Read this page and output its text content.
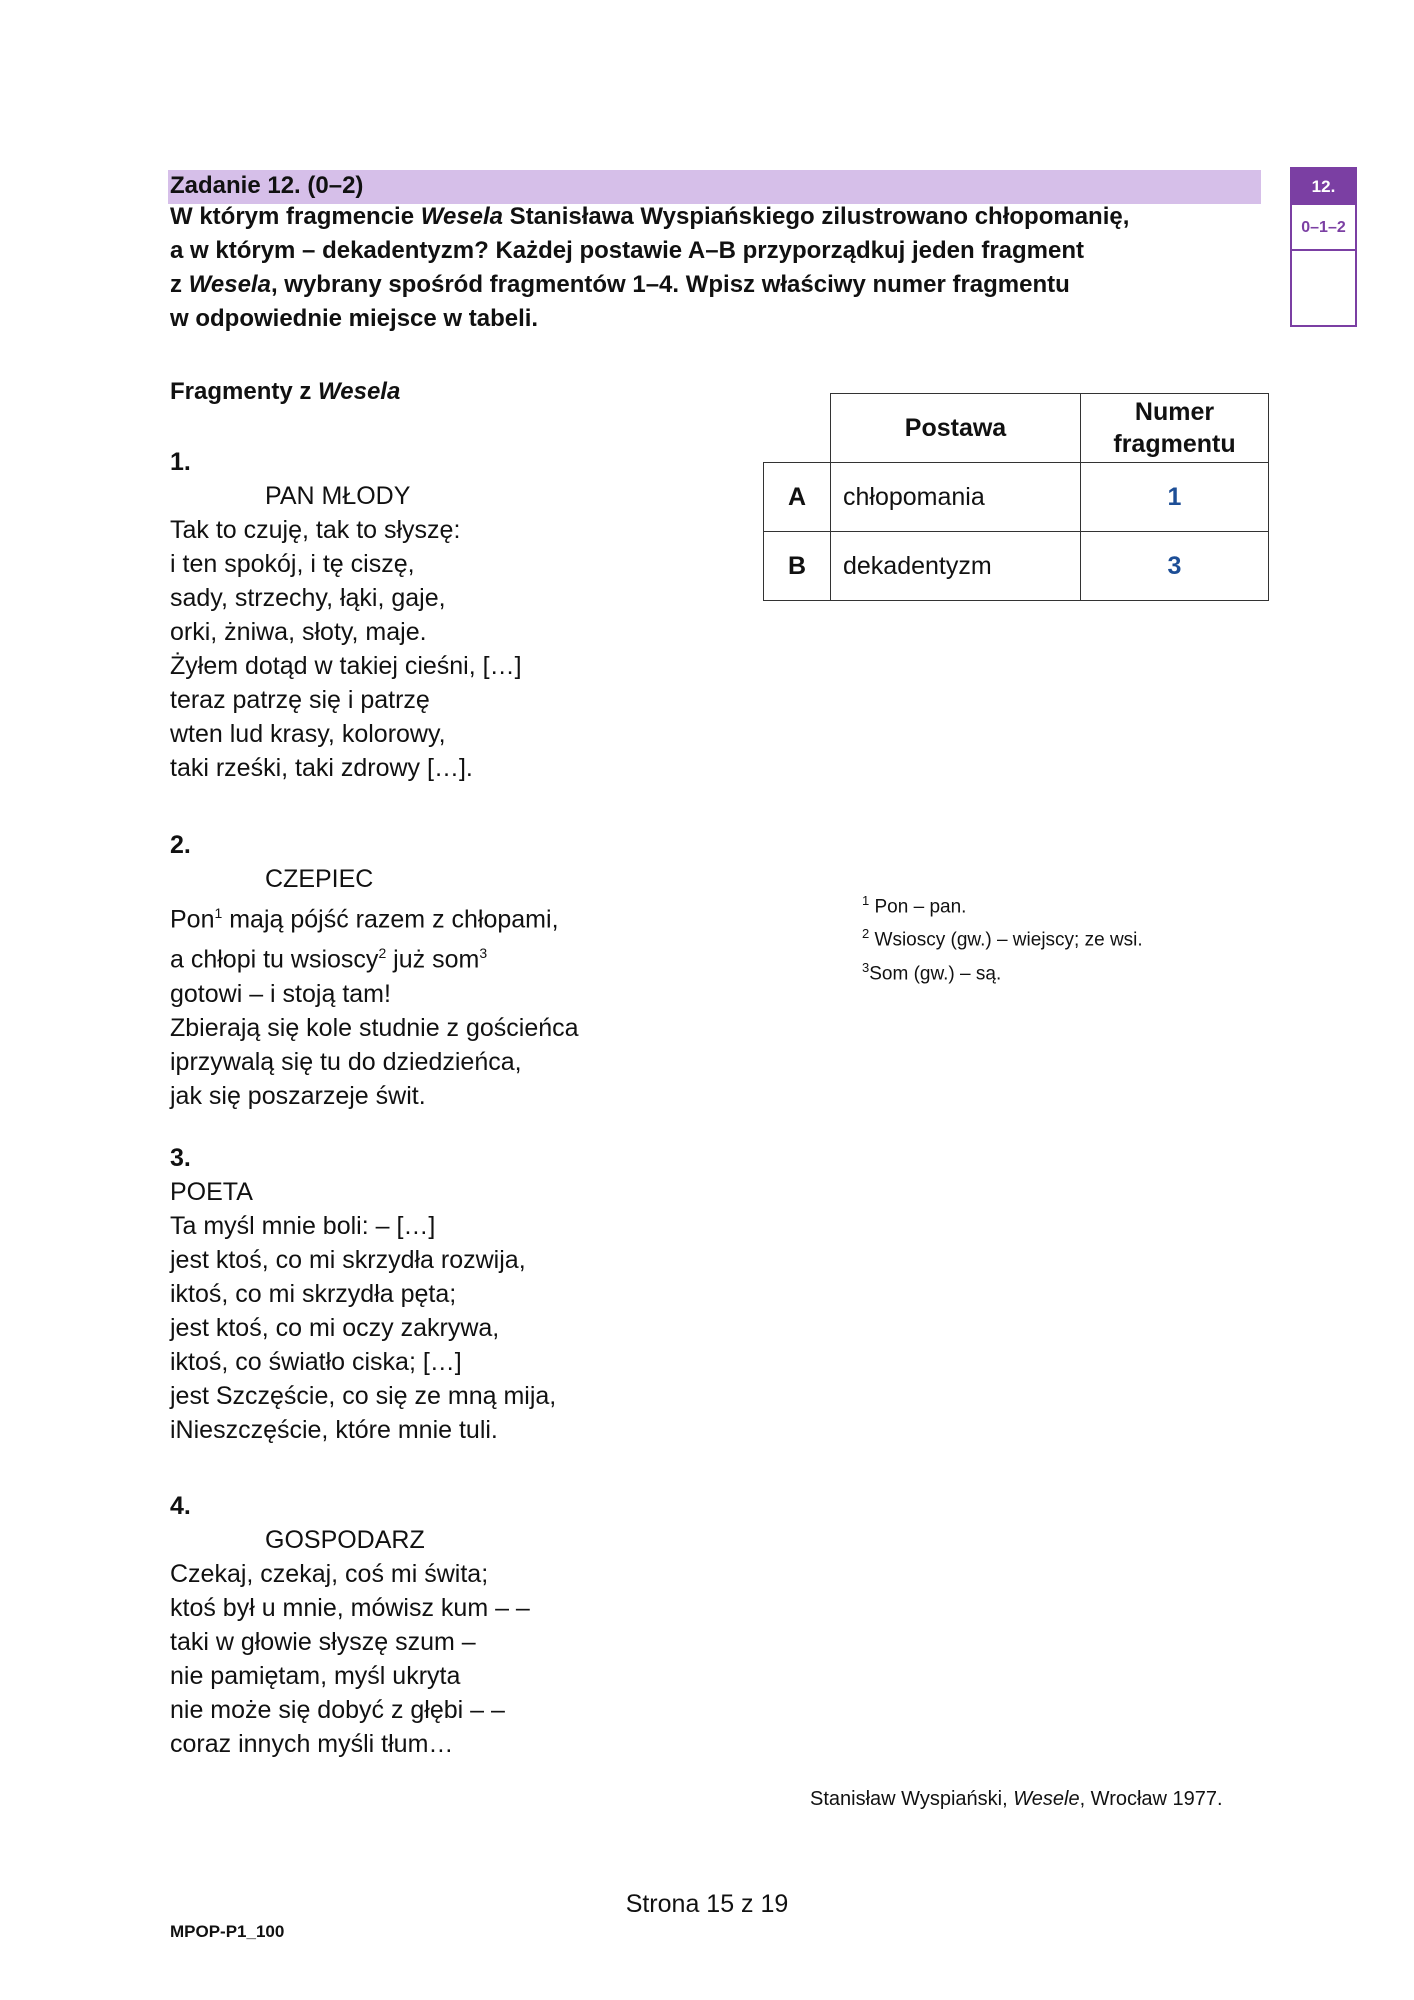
Zadanie 12. (0–2)
W którym fragmencie Wesela Stanisława Wyspiańskiego zilustrowano chłopomanię,
a w którym – dekadentyzm? Każdej postawie A–B przyporządkuj jeden fragment
z Wesela, wybrany spośród fragmentów 1–4. Wpisz właściwy numer fragmentu
w odpowiednie miejsce w tabeli.
12.
0–1–2
Fragmenty z Wesela
1.
PAN MŁODY
Tak to czuję, tak to słyszę:
i ten spokój, i tę ciszę,
sady, strzechy, łąki, gaje,
orki, żniwa, słoty, maje.
Żyłem dotąd w takiej cieśni, […]
teraz patrzę się i patrzę
wten lud krasy, kolorowy,
taki rześki, taki zdrowy […].
2.
CZEPIEC
Pon$^1$ mają pójść razem z chłopami,
a chłopi tu wsioscy$^2$ już som$^3$
gotowi – i stoją tam!
Zbierają się kole studnie z gościeńca
iprzywalą się tu do dziedzieńca,
jak się poszarzeje świt.
3.
POETA
Ta myśl mnie boli: – […]
jest ktoś, co mi skrzydła rozwija,
iktoś, co mi skrzydła pęta;
jest ktoś, co mi oczy zakrywa,
iktoś, co światło ciska; […]
jest Szczęście, co się ze mną mija,
iNieszczęście, które mnie tuli.
4.
GOSPODARZ
Czekaj, czekaj, coś mi świta;
ktoś był u mnie, mówisz kum – –
taki w głowie słyszę szum –
nie pamiętam, myśl ukryta
nie może się dobyć z głębi – –
coraz innych myśli tłum…
	Postawa	Numer
fragmentu
A	chłopomania	1
B	dekadentyzm	3
$^1$ Pon – pan.
$^2$ Wsioscy (gw.) – wiejscy; ze wsi.
$^3$Som (gw.) – są.
Stanisław Wyspiański, Wesele, Wrocław 1977.
Strona 15 z 19
MPOP-P1_100
